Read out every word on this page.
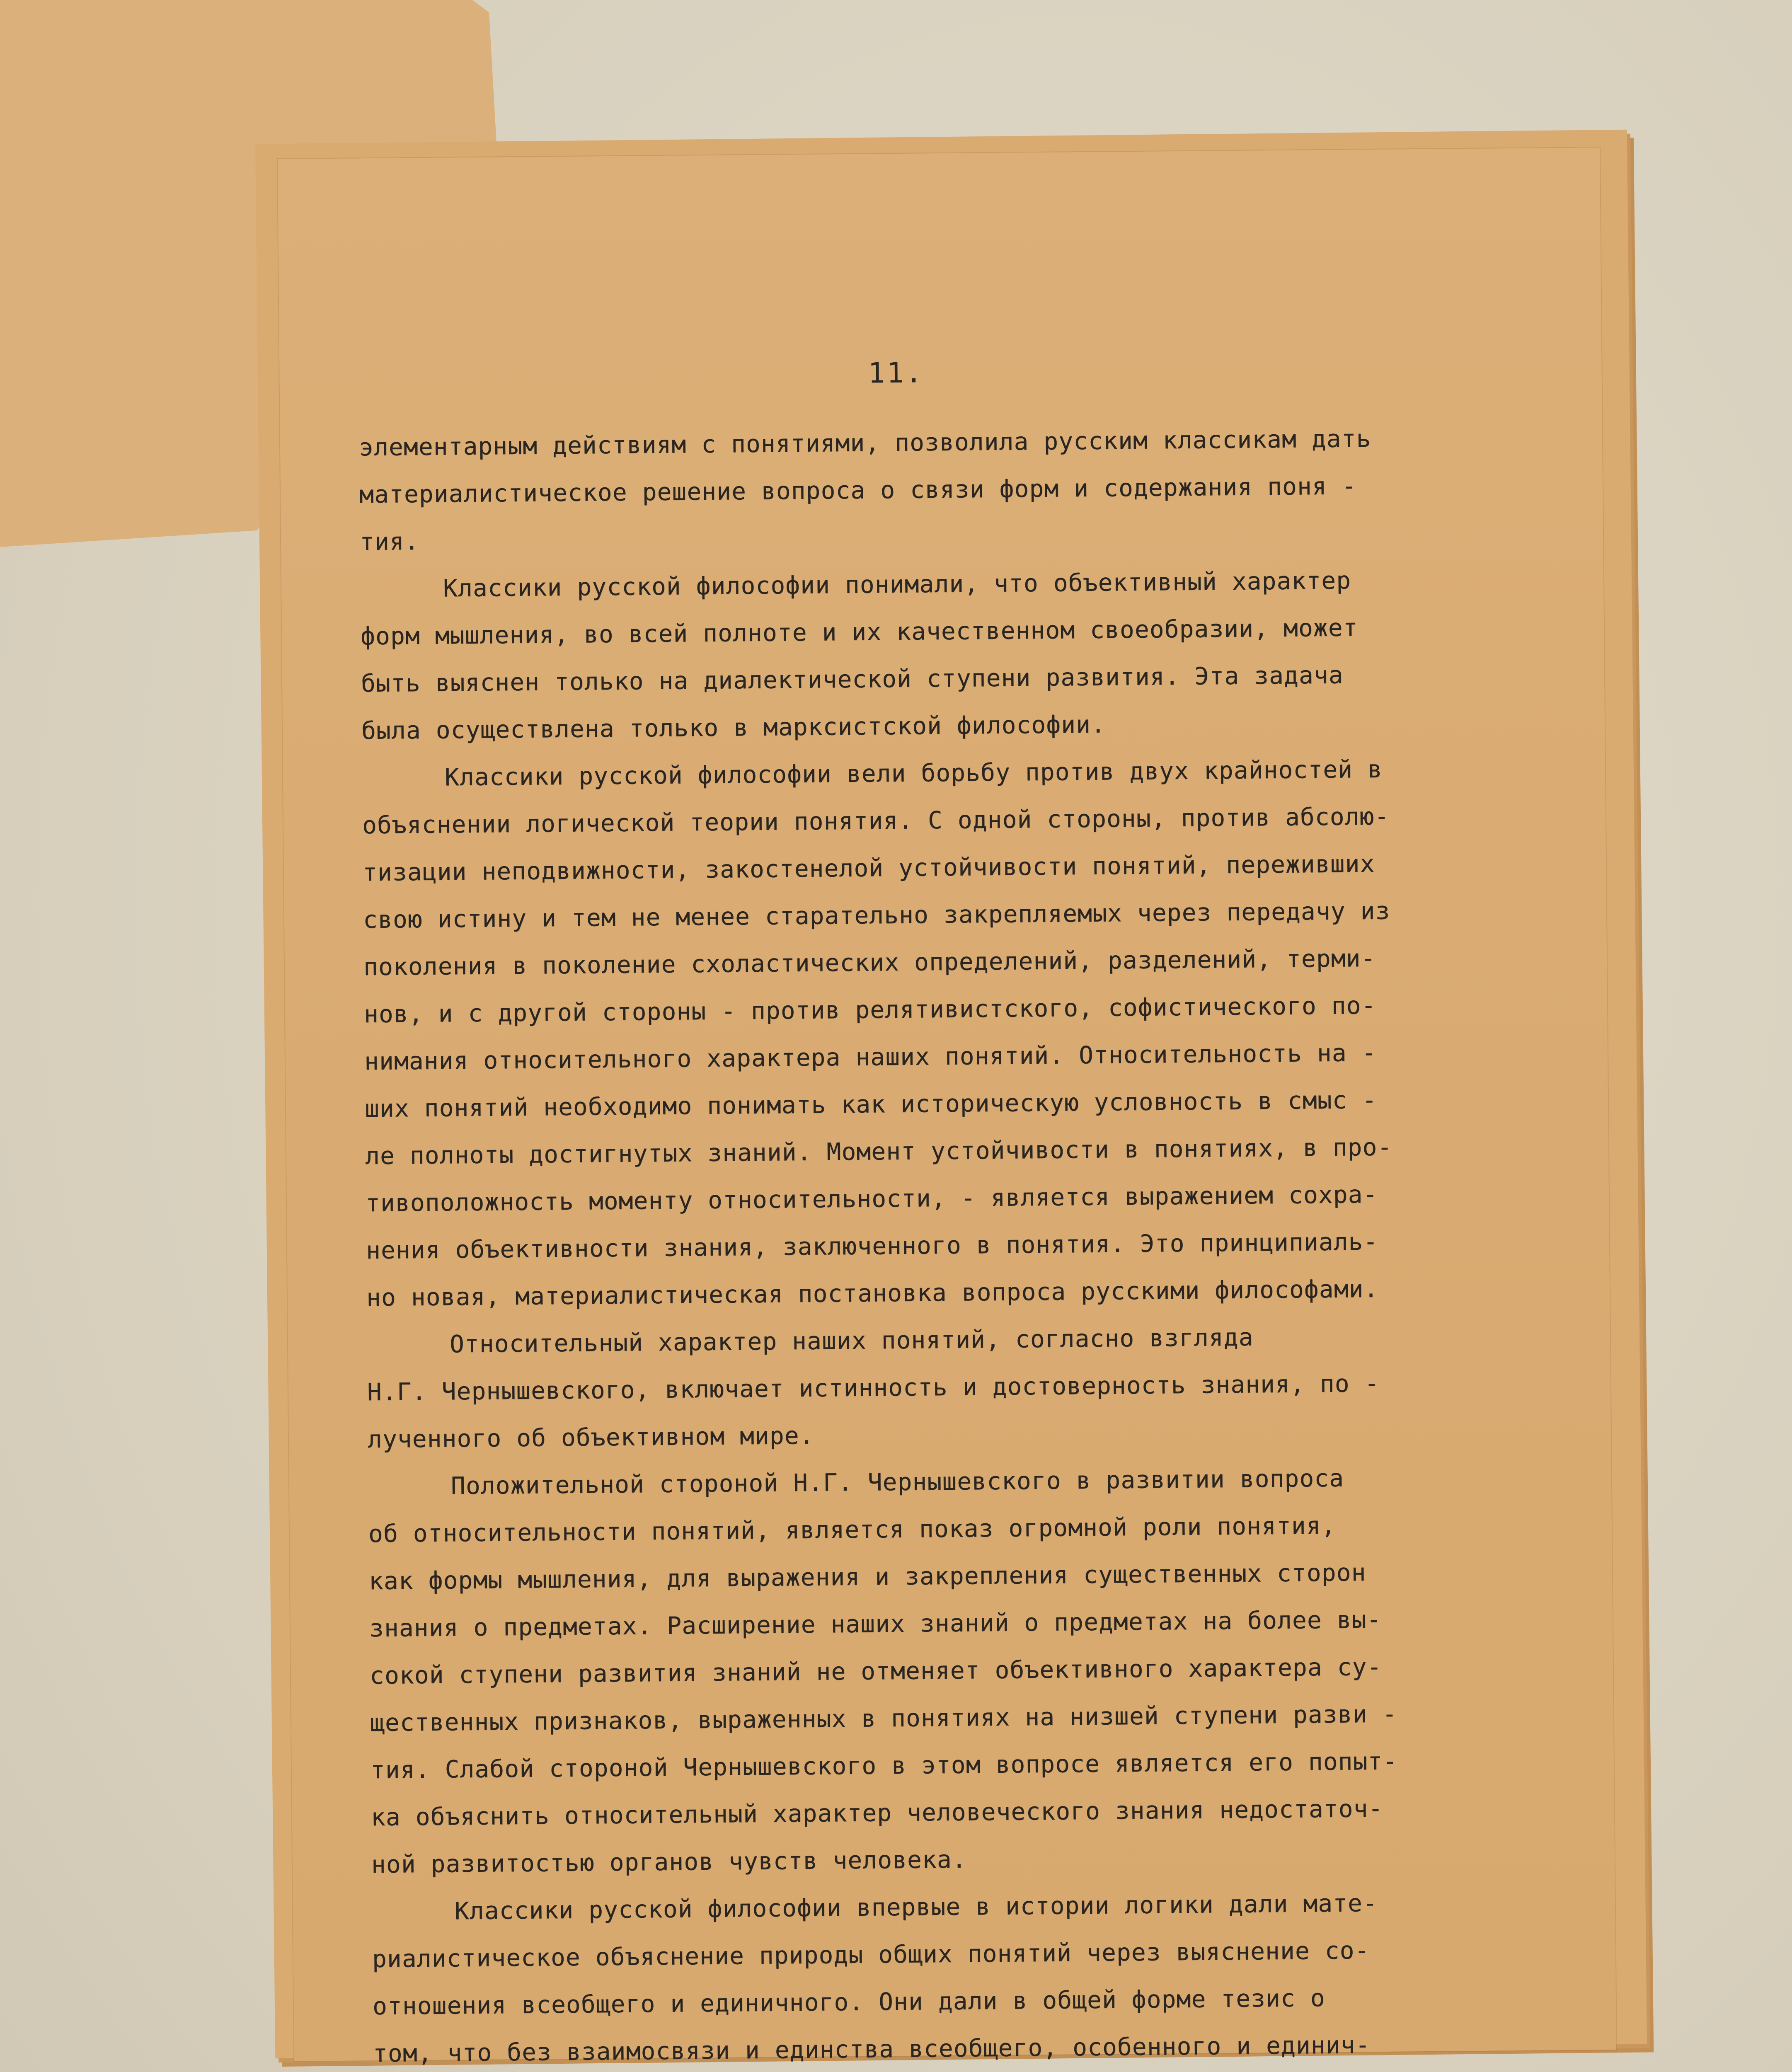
11.
элементарным действиям с понятиями, позволила русским классикам дать
материалистическое решение вопроса о связи форм и содержания поня -
тия.
Классики русской философии понимали, что объективный характер
форм мышления, во всей полноте и их качественном своеобразии, может
быть выяснен только на диалектической ступени развития. Эта задача
была осуществлена только в марксистской философии.
Классики русской философии вели борьбу против двух крайностей в
объяснении логической теории понятия. С одной стороны, против абсолю-
тизации неподвижности, закостенелой устойчивости понятий, переживших
свою истину и тем не менее старательно закрепляемых через передачу из
поколения в поколение схоластических определений, разделений, терми-
нов, и с другой стороны - против релятивистского, софистического по-
нимания относительного характера наших понятий. Относительность на -
ших понятий необходимо понимать как историческую условность в смыс -
ле полноты достигнутых знаний. Момент устойчивости в понятиях, в про-
тивоположность моменту относительности, - является выражением сохра-
нения объективности знания, заключенного в понятия. Это принципиаль-
но новая, материалистическая постановка вопроса русскими философами.
Относительный характер наших понятий, согласно взгляда
Н.Г. Чернышевского, включает истинность и достоверность знания, по -
лученного об объективном мире.
Положительной стороной Н.Г. Чернышевского в развитии вопроса
об относительности понятий, является показ огромной роли понятия,
как формы мышления, для выражения и закрепления существенных сторон
знания о предметах. Расширение наших знаний о предметах на более вы-
сокой ступени развития знаний не отменяет объективного характера су-
щественных признаков, выраженных в понятиях на низшей ступени разви -
тия. Слабой стороной Чернышевского в этом вопросе является его попыт-
ка объяснить относительный характер человеческого знания недостаточ-
ной развитостью органов чувств человека.
Классики русской философии впервые в истории логики дали мате-
риалистическое объяснение природы общих понятий через выяснение со-
отношения всеобщего и единичного. Они дали в общей форме тезис о
том, что без взаимосвязи и единства всеобщего, особенного и единич-
